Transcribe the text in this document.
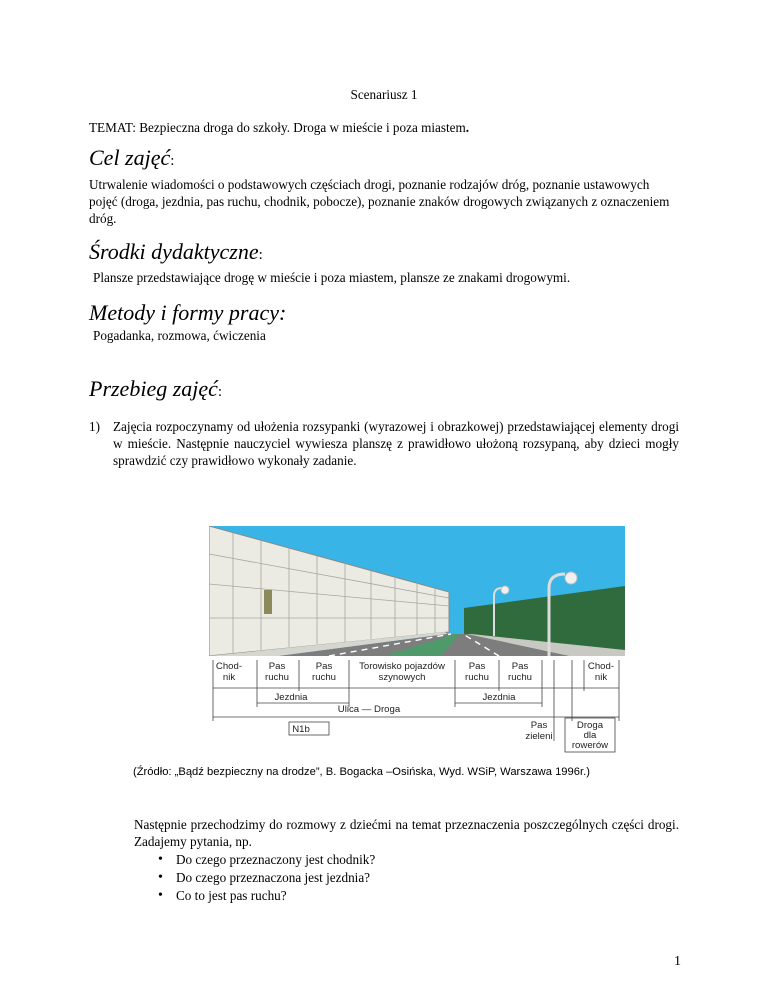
Scenariusz 1
TEMAT: Bezpieczna droga do szkoły. Droga w mieście i poza miastem.
Cel zajęć:
Utrwalenie wiadomości o podstawowych częściach drogi, poznanie rodzajów dróg, poznanie ustawowych pojęć (droga, jezdnia, pas ruchu, chodnik, pobocze), poznanie znaków drogowych związanych z oznaczeniem dróg.
Środki dydaktyczne:
Plansze przedstawiające drogę w mieście i poza miastem, plansze ze znakami drogowymi.
Metody i formy pracy:
Pogadanka, rozmowa, ćwiczenia
Przebieg zajęć:
1) Zajęcia rozpoczynamy od ułożenia rozsypanki (wyrazowej i obrazkowej) przedstawiającej elementy drogi w mieście. Następnie nauczyciel wywiesza planszę z prawidłowo ułożoną rozsypaną, aby dzieci mogły sprawdzić czy prawidłowo wykonały zadanie.
Chod-
nik
Pas
ruchu
Pas
ruchu
Torowisko pojazdów
szynowych
Pas
ruchu
Pas
ruchu
Chod-
nik
Jezdnia	Jezdnia
Ulica — Droga
N1b	Pas
zieleni
Droga
dla
rowerów
(Źródło: „Bądź bezpieczny na drodze”, B. Bogacka –Osińska, Wyd. WSiP, Warszawa 1996r.)
Następnie przechodzimy do rozmowy z dziećmi na temat przeznaczenia poszczególnych części drogi. Zadajemy pytania, np.
• Do czego przeznaczony jest chodnik?
• Do czego przeznaczona jest jezdnia?
• Co to jest pas ruchu?
1
